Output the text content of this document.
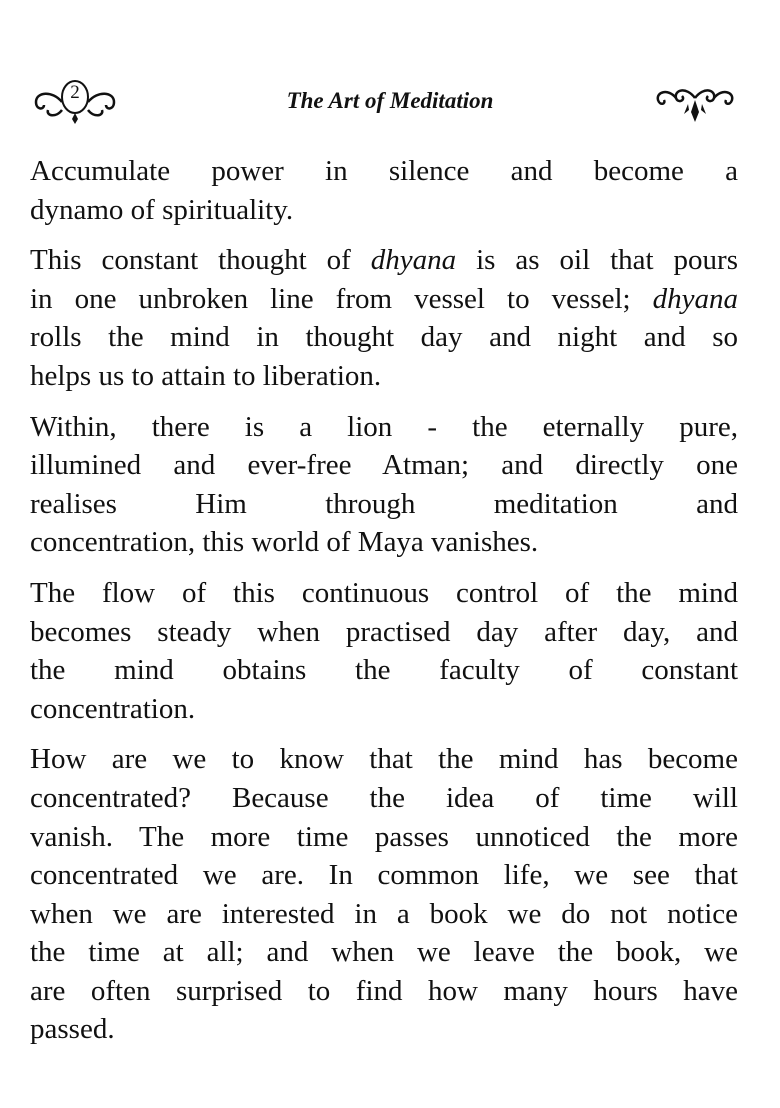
2	The Art of Meditation
Accumulate power in silence and become a
dynamo of spirituality.
This constant thought of dhyana is as oil that pours
in one unbroken line from vessel to vessel; dhyana
rolls the mind in thought day and night and so
helps us to attain to liberation.
Within, there is a lion - the eternally pure,
illumined and ever-free Atman; and directly one
realises Him through meditation and
concentration, this world of Maya vanishes.
The flow of this continuous control of the mind
becomes steady when practised day after day, and
the mind obtains the faculty of constant
concentration.
How are we to know that the mind has become
concentrated? Because the idea of time will
vanish. The more time passes unnoticed the more
concentrated we are. In common life, we see that
when we are interested in a book we do not notice
the time at all; and when we leave the book, we
are often surprised to find how many hours have
passed.
